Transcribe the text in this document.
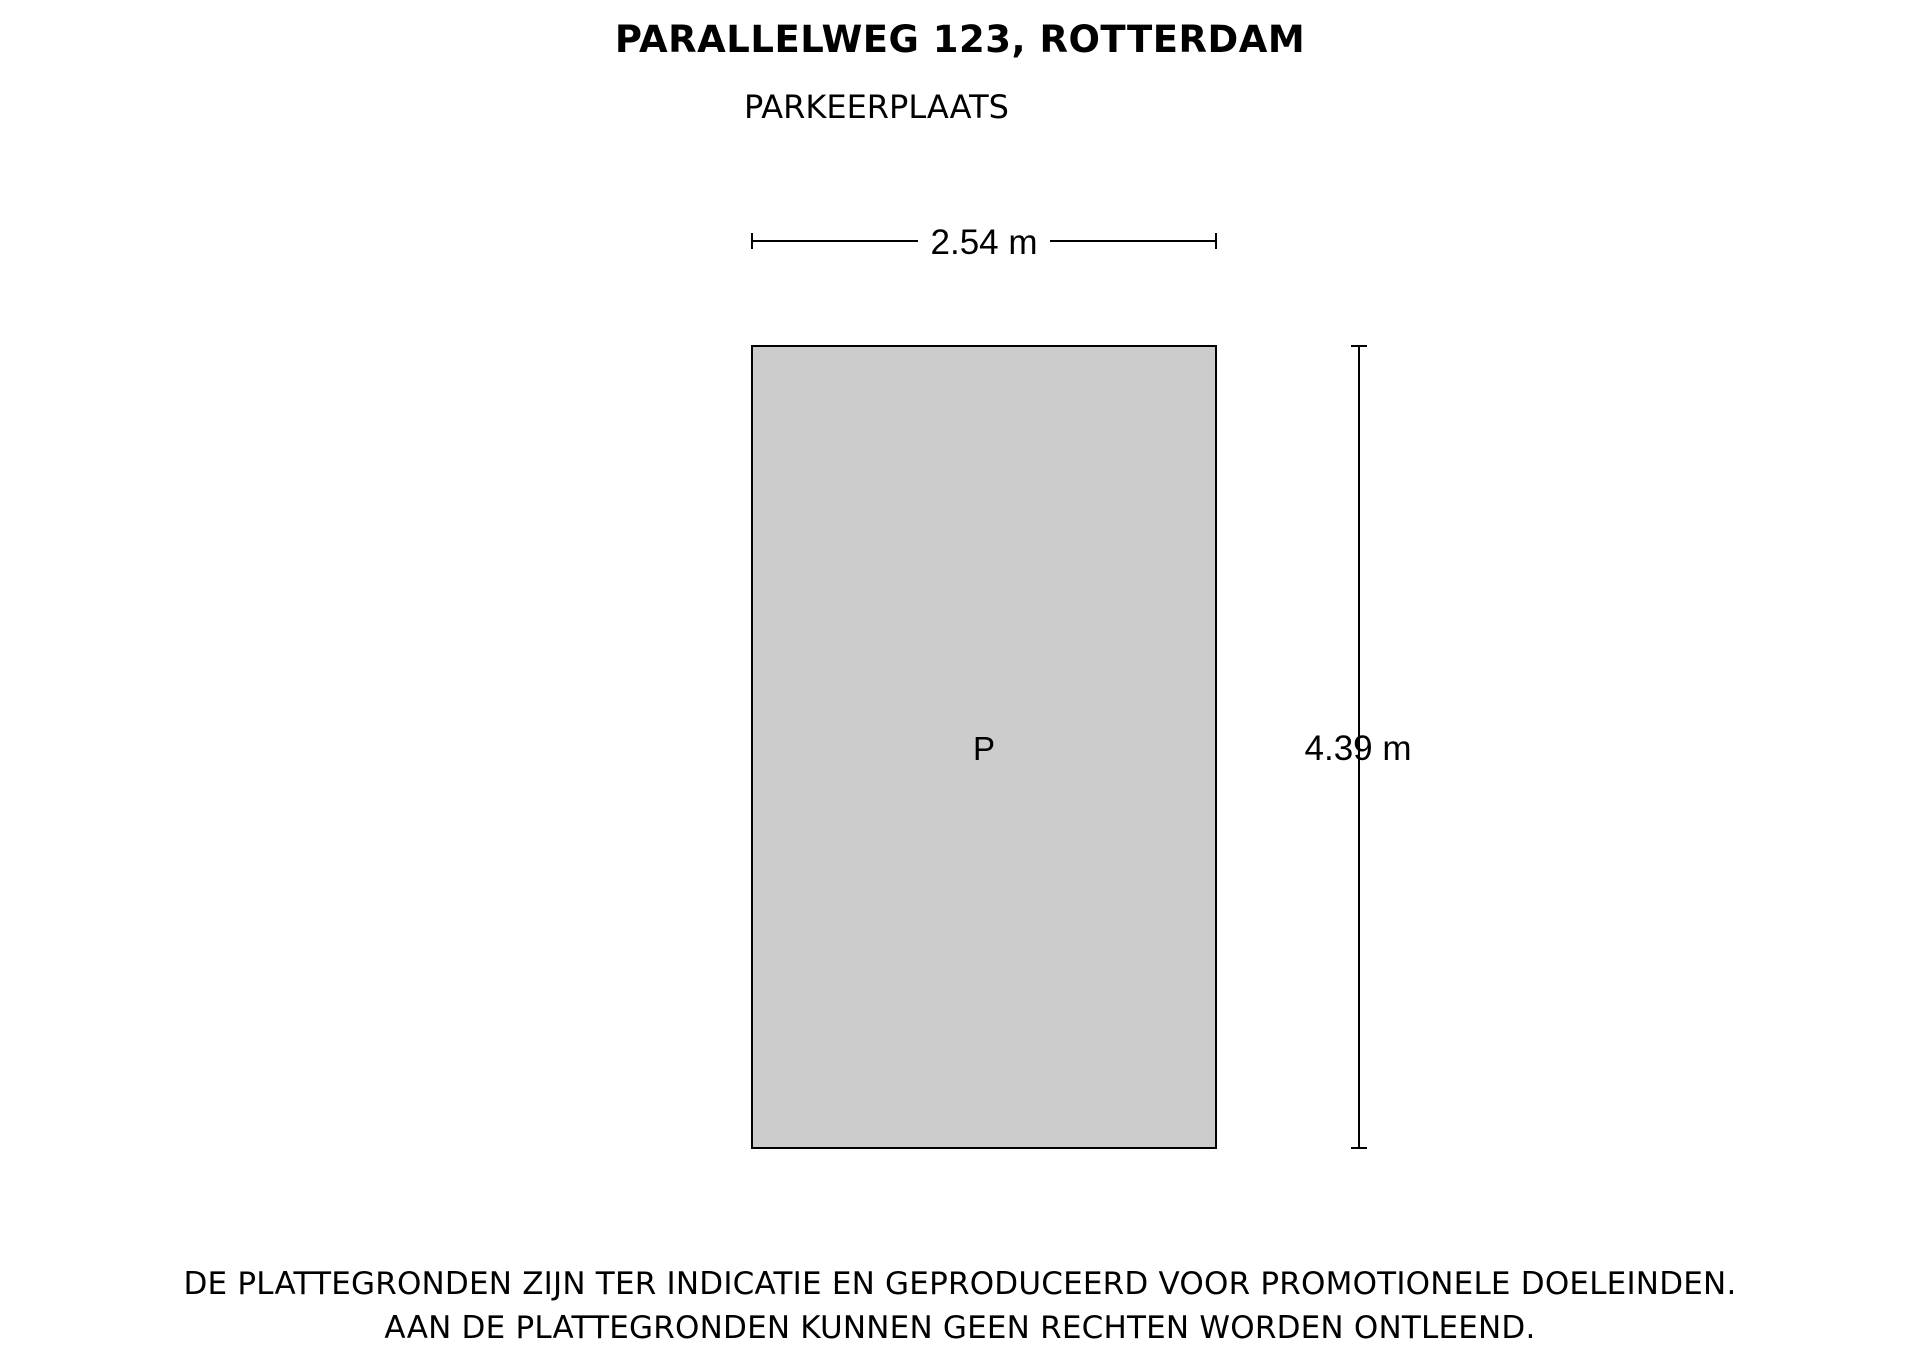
PARALLELWEG 123, ROTTERDAM
PARKEERPLAATS
2.54 m
P	4.39 m
DE PLATTEGRONDEN ZIJN TER INDICATIE EN GEPRODUCEERD VOOR PROMOTIONELE DOELEINDEN.
AAN DE PLATTEGRONDEN KUNNEN GEEN RECHTEN WORDEN ONTLEEND.
